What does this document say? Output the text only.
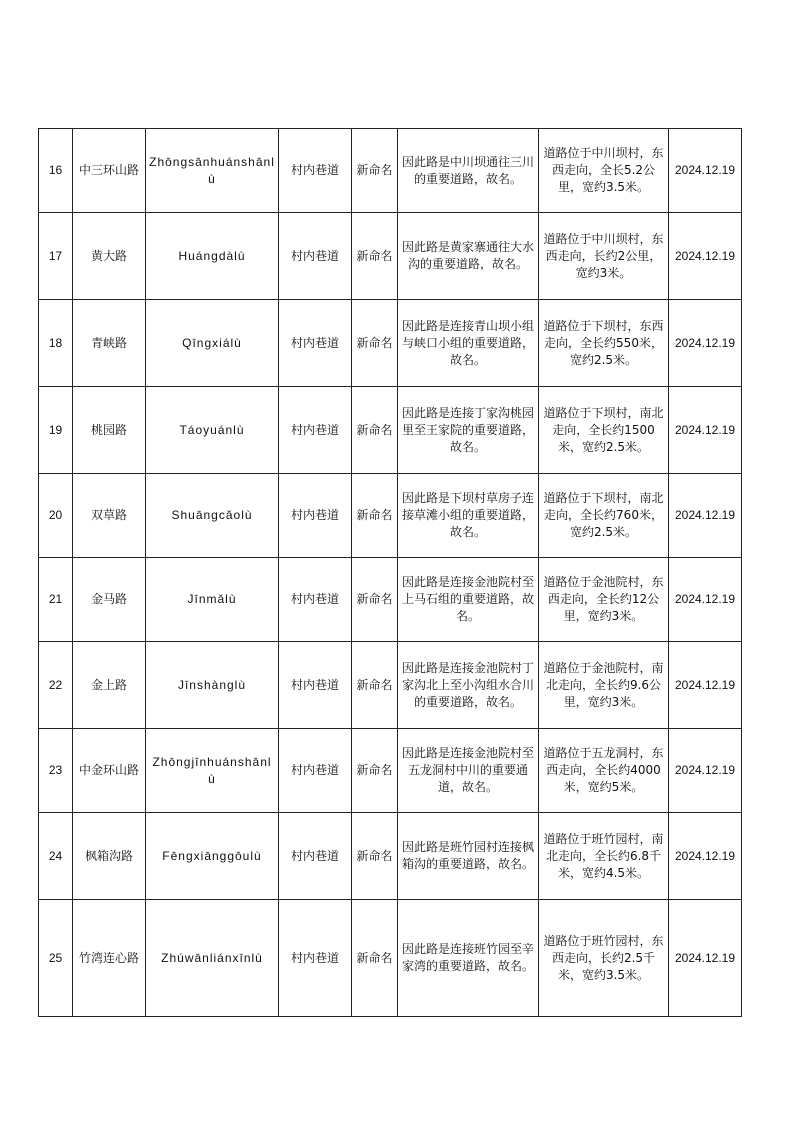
16	中三环山路	Zhōngsānhuánshānlù	村内巷道	新命名	因此路是中川坝通往三川的重要道路，故名。	道路位于中川坝村，东西走向，全长5.2公里，宽约3.5米。	2024.12.19
17	黄大路	Huángdàlù	村内巷道	新命名	因此路是黄家寨通往大水沟的重要道路，故名。	道路位于中川坝村，东西走向，长约2公里，宽约3米。	2024.12.19
18	青峡路	Qīngxiálù	村内巷道	新命名	因此路是连接青山坝小组与峡口小组的重要道路，故名。	道路位于下坝村，东西走向，全长约550米，宽约2.5米。	2024.12.19
19	桃园路	Táoyuánlù	村内巷道	新命名	因此路是连接丁家沟桃园里至王家院的重要道路，故名。	道路位于下坝村，南北走向，全长约1500米，宽约2.5米。	2024.12.19
20	双草路	Shuāngcǎolù	村内巷道	新命名	因此路是下坝村草房子连接草滩小组的重要道路，故名。	道路位于下坝村，南北走向，全长约760米，宽约2.5米。	2024.12.19
21	金马路	Jīnmǎlù	村内巷道	新命名	因此路是连接金池院村至上马石组的重要道路，故名。	道路位于金池院村，东西走向，全长约12公里，宽约3米。	2024.12.19
22	金上路	Jīnshànglù	村内巷道	新命名	因此路是连接金池院村丁家沟北上至小沟组水合川的重要道路，故名。	道路位于金池院村，南北走向，全长约9.6公里，宽约3米。	2024.12.19
23	中金环山路	Zhōngjīnhuánshānlù	村内巷道	新命名	因此路是连接金池院村至五龙洞村中川的重要通道，故名。	道路位于五龙洞村，东西走向，全长约4000米，宽约5米。	2024.12.19
24	枫箱沟路	Fēngxiānggōulù	村内巷道	新命名	因此路是班竹园村连接枫箱沟的重要道路，故名。	道路位于班竹园村，南北走向，全长约6.8千米，宽约4.5米。	2024.12.19
25	竹湾连心路	Zhúwānliánxīnlù	村内巷道	新命名	因此路是连接班竹园至辛家湾的重要道路，故名。	道路位于班竹园村，东西走向，长约2.5千米，宽约3.5米。	2024.12.19
